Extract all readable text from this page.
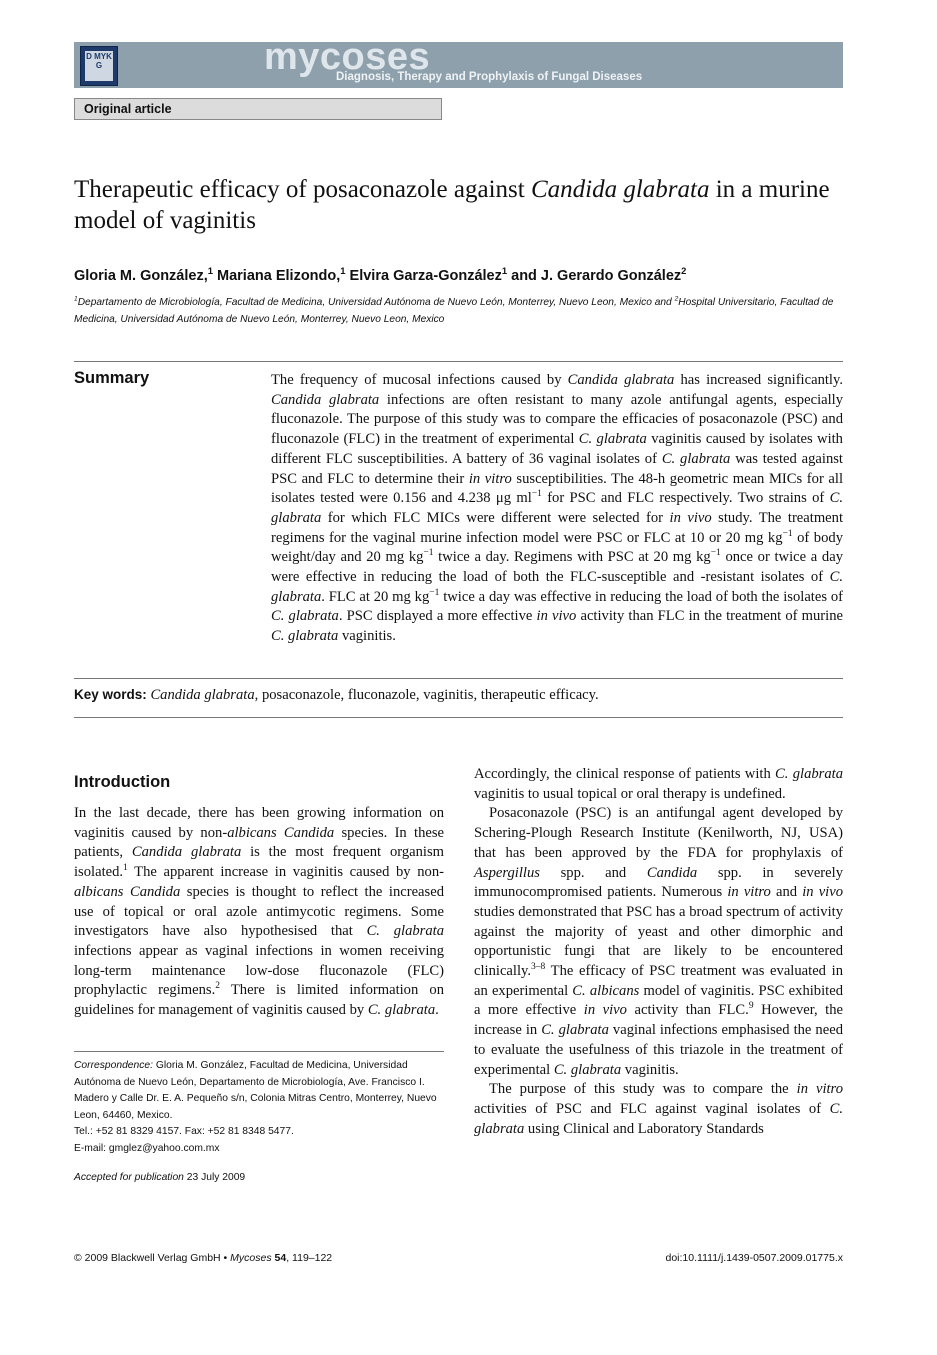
D MYK G	mycoses
Diagnosis, Therapy and Prophylaxis of Fungal Diseases
Original article
Therapeutic efficacy of posaconazole against Candida glabrata in a murine model of vaginitis
Gloria M. González,$^1$ Mariana Elizondo,$^1$ Elvira Garza-González$^1$ and J. Gerardo González$^2$
$^1$Departamento de Microbiología, Facultad de Medicina, Universidad Autónoma de Nuevo León, Monterrey, Nuevo Leon, Mexico and $^2$Hospital Universitario, Facultad de Medicina, Universidad Autónoma de Nuevo León, Monterrey, Nuevo Leon, Mexico
Summary	The frequency of mucosal infections caused by Candida glabrata has increased significantly. Candida glabrata infections are often resistant to many azole antifungal agents, especially fluconazole. The purpose of this study was to compare the efficacies of posaconazole (PSC) and fluconazole (FLC) in the treatment of experimental C. glabrata vaginitis caused by isolates with different FLC susceptibilities. A battery of 36 vaginal isolates of C. glabrata was tested against PSC and FLC to determine their in vitro susceptibilities. The 48-h geometric mean MICs for all isolates tested were 0.156 and 4.238 μg $ml^{-1}$ for PSC and FLC respectively. Two strains of C. glabrata for which FLC MICs were different were selected for in vivo study. The treatment regimens for the vaginal murine infection model were PSC or FLC at 10 or 20 mg $kg^{-1}$ of body weight/day and 20 mg $kg^{-1}$ twice a day. Regimens with PSC at 20 mg $kg^{-1}$ once or twice a day were effective in reducing the load of both the FLC-susceptible and -resistant isolates of C. glabrata. FLC at 20 mg $kg^{-1}$ twice a day was effective in reducing the load of both the isolates of C. glabrata. PSC displayed a more effective in vivo activity than FLC in the treatment of murine C. glabrata vaginitis.
Key words: Candida glabrata, posaconazole, fluconazole, vaginitis, therapeutic efficacy.
Introduction
In the last decade, there has been growing information on vaginitis caused by non-albicans Candida species. In these patients, Candida glabrata is the most frequent organism isolated.$^1$ The apparent increase in vaginitis caused by non-albicans Candida species is thought to reflect the increased use of topical or oral azole antimycotic regimens. Some investigators have also hypothesised that C. glabrata infections appear as vaginal infections in women receiving long-term maintenance low-dose fluconazole (FLC) prophylactic regimens.$^2$ There is limited information on guidelines for management of vaginitis caused by C. glabrata.

Accordingly, the clinical response of patients with C. glabrata vaginitis to usual topical or oral therapy is undefined.

Posaconazole (PSC) is an antifungal agent developed by Schering-Plough Research Institute (Kenilworth, NJ, USA) that has been approved by the FDA for prophylaxis of Aspergillus spp. and Candida spp. in severely immunocompromised patients. Numerous in vitro and in vivo studies demonstrated that PSC has a broad spectrum of activity against the majority of yeast and other dimorphic and opportunistic fungi that are likely to be encountered clinically.$^{3-8}$ The efficacy of PSC treatment was evaluated in an experimental C. albicans model of vaginitis. PSC exhibited a more effective in vivo activity than FLC.$^9$ However, the increase in C. glabrata vaginal infections emphasised the need to evaluate the usefulness of this triazole in the treatment of experimental C. glabrata vaginitis.

The purpose of this study was to compare the in vitro activities of PSC and FLC against vaginal isolates of C. glabrata using Clinical and Laboratory Standards

Correspondence: Gloria M. González, Facultad de Medicina, Universidad Autónoma de Nuevo León, Departamento de Microbiología, Ave. Francisco I. Madero y Calle Dr. E. A. Pequeño s/n, Colonia Mitras Centro, Monterrey, Nuevo Leon, 64460, Mexico.
Tel.: +52 81 8329 4157. Fax: +52 81 8348 5477.
E-mail: gmglez@yahoo.com.mx
Accepted for publication 23 July 2009
© 2009 Blackwell Verlag GmbH • Mycoses 54, 119–122	doi:10.1111/j.1439-0507.2009.01775.x
